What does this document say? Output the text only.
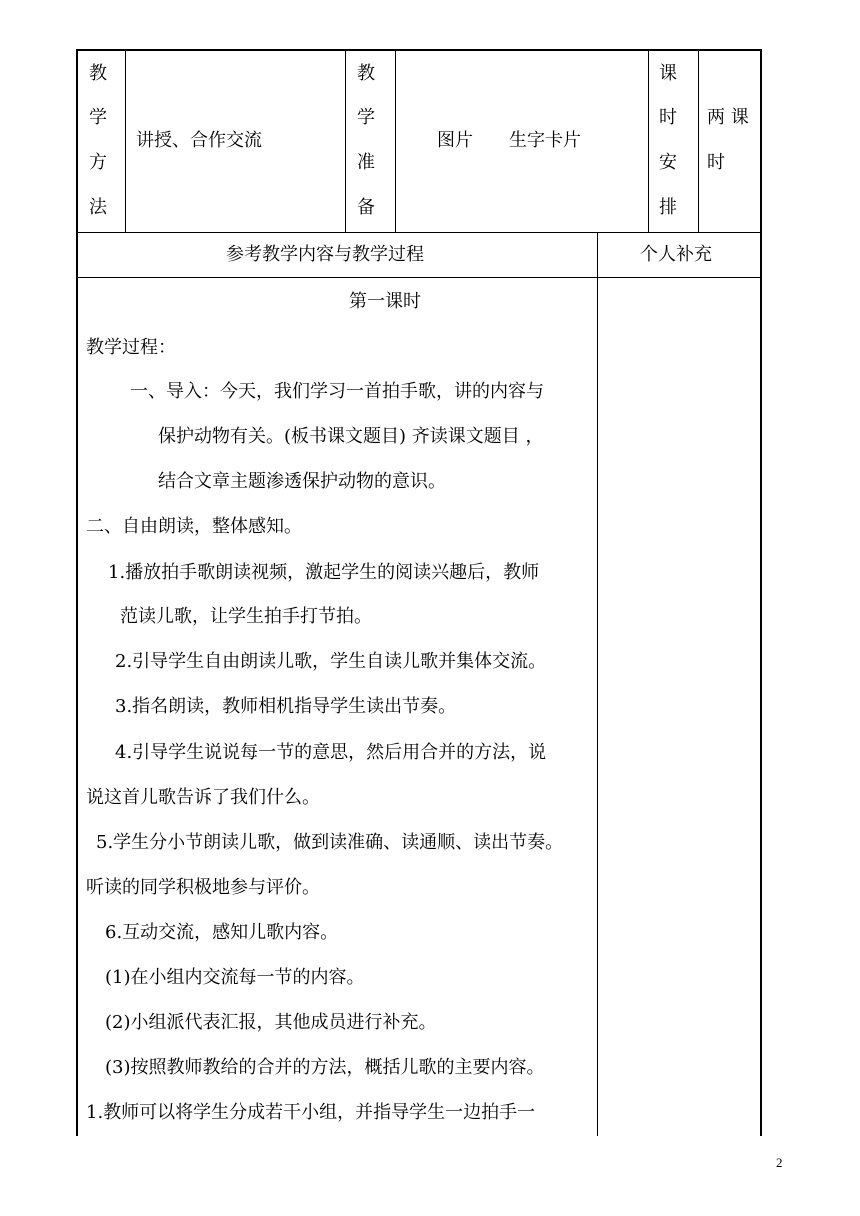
教
学
方
法
讲授、合作交流
教
学
准
备
图片　　生字卡片
课
时
安
排
两 课
时
参考教学内容与教学过程	个人补充
第一课时
教学过程：
一、导入：今天，我们学习一首拍手歌，讲的内容与
保护动物有关。(板书课文题目) 齐读课文题目 ，
结合文章主题渗透保护动物的意识。
二、自由朗读，整体感知。
1.播放拍手歌朗读视频，激起学生的阅读兴趣后，教师
范读儿歌，让学生拍手打节拍。
2.引导学生自由朗读儿歌，学生自读儿歌并集体交流。
3.指名朗读，教师相机指导学生读出节奏。
4.引导学生说说每一节的意思，然后用合并的方法，说
说这首儿歌告诉了我们什么。
5.学生分小节朗读儿歌，做到读准确、读通顺、读出节奏。
听读的同学积极地参与评价。
6.互动交流，感知儿歌内容。
(1)在小组内交流每一节的内容。
(2)小组派代表汇报，其他成员进行补充。
(3)按照教师教给的合并的方法，概括儿歌的主要内容。
1.教师可以将学生分成若干小组，并指导学生一边拍手一
2
